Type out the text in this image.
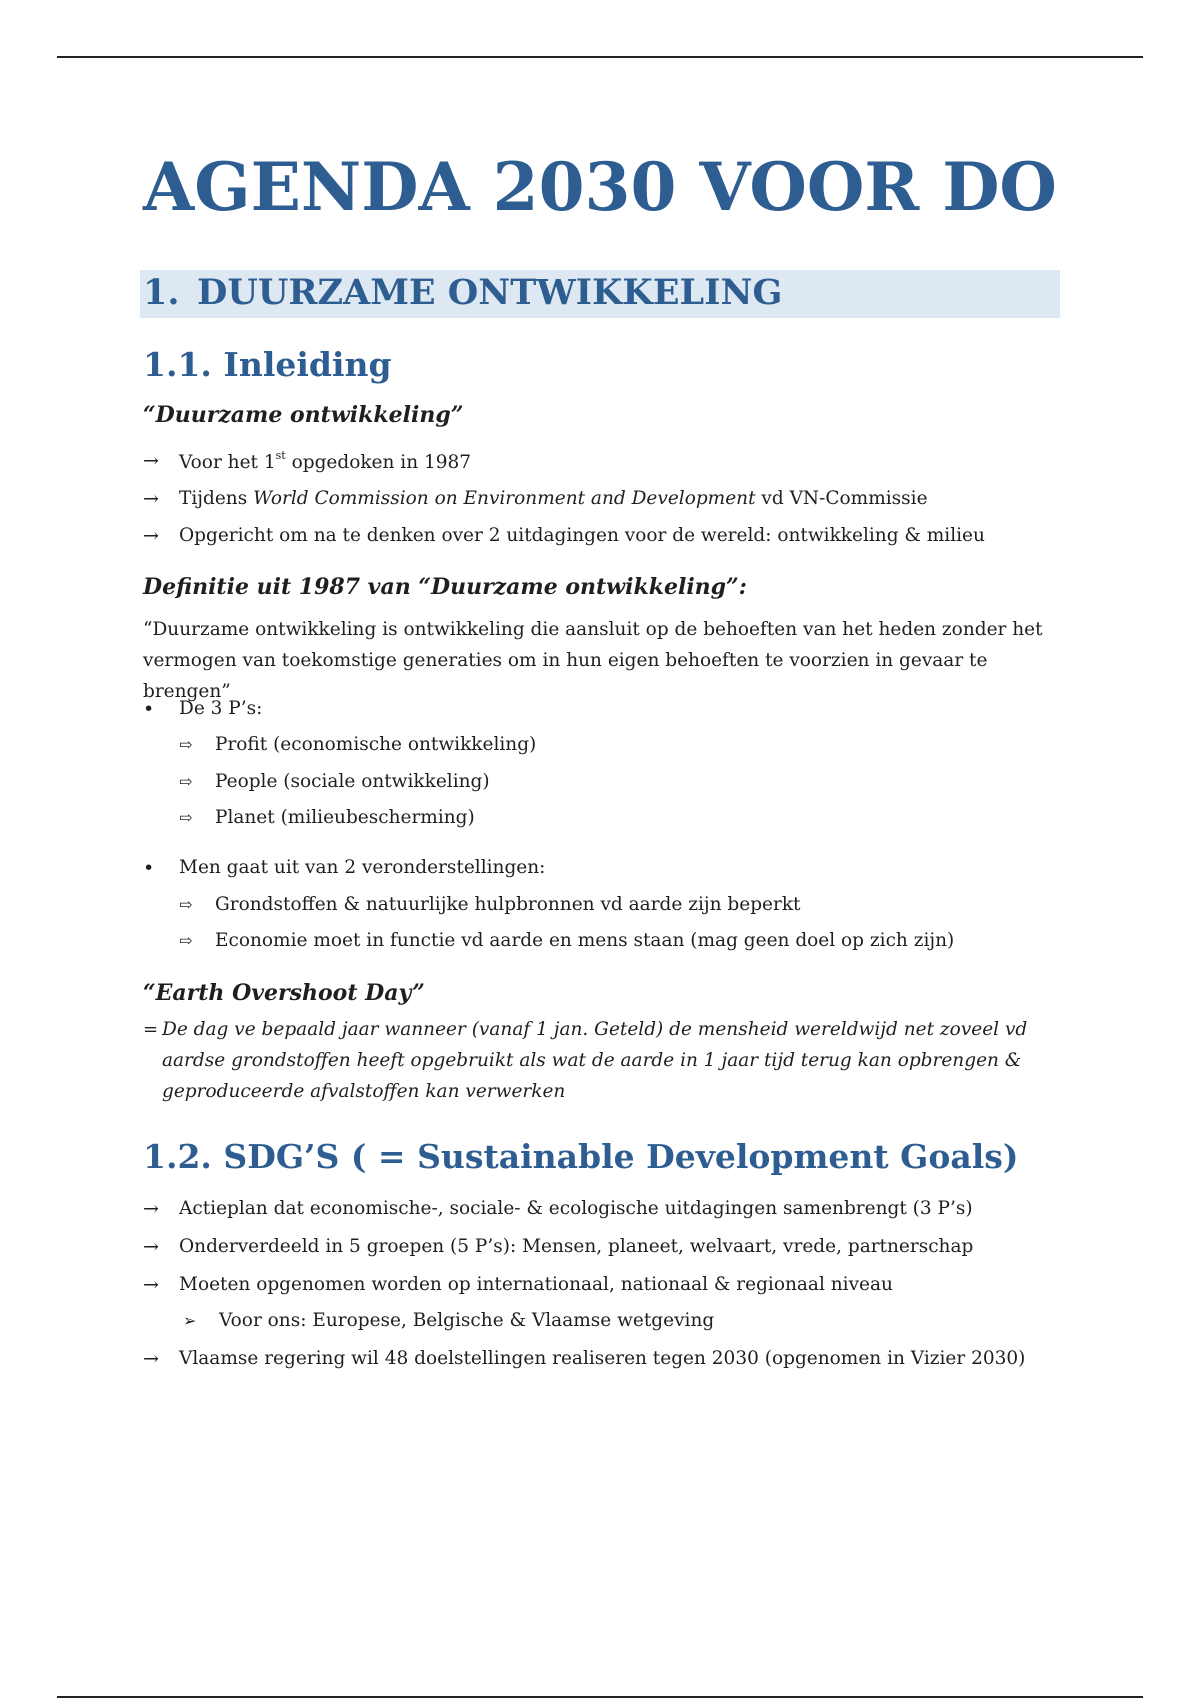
AGENDA 2030 VOOR DO
1. DUURZAME ONTWIKKELING
1.1. Inleiding
“Duurzame ontwikkeling”
→ Voor het 1st opgedoken in 1987
→ Tijdens World Commission on Environment and Development vd VN-Commissie
→ Opgericht om na te denken over 2 uitdagingen voor de wereld: ontwikkeling & milieu
Definitie uit 1987 van “Duurzame ontwikkeling”:

“Duurzame ontwikkeling is ontwikkeling die aansluit op de behoeften van het heden zonder het vermogen van toekomstige generaties om in hun eigen behoeften te voorzien in gevaar te brengen”

• De 3 P’s:
⇨ Profit (economische ontwikkeling)
⇨ People (sociale ontwikkeling)
⇨ Planet (milieubescherming)
• Men gaat uit van 2 veronderstellingen:
⇨ Grondstoffen & natuurlijke hulpbronnen vd aarde zijn beperkt
⇨ Economie moet in functie vd aarde en mens staan (mag geen doel op zich zijn)
“Earth Overshoot Day”
= De dag ve bepaald jaar wanneer (vanaf 1 jan. Geteld) de mensheid wereldwijd net zoveel vd aardse grondstoffen heeft opgebruikt als wat de aarde in 1 jaar tijd terug kan opbrengen & geproduceerde afvalstoffen kan verwerken

1.2. SDG’S ( = Sustainable Development Goals)
→ Actieplan dat economische-, sociale- & ecologische uitdagingen samenbrengt (3 P’s)
→ Onderverdeeld in 5 groepen (5 P’s): Mensen, planeet, welvaart, vrede, partnerschap
→ Moeten opgenomen worden op internationaal, nationaal & regionaal niveau
➢ Voor ons: Europese, Belgische & Vlaamse wetgeving
→ Vlaamse regering wil 48 doelstellingen realiseren tegen 2030 (opgenomen in Vizier 2030)
